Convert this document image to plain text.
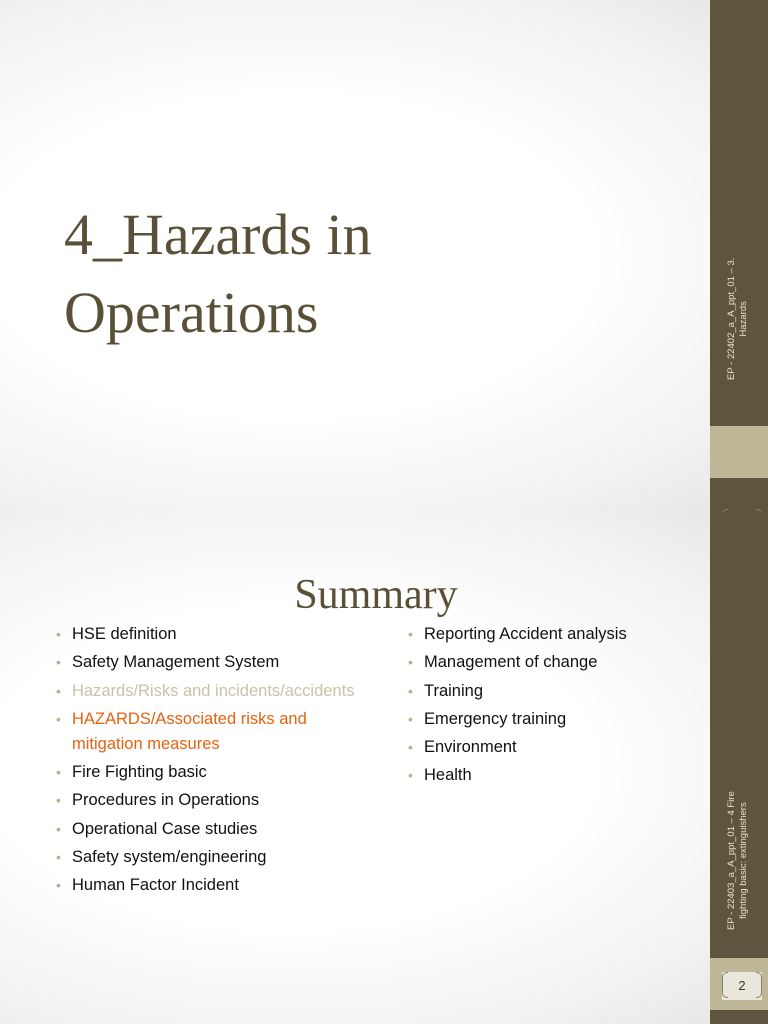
4_Hazards in
Operations	EP - 22402_a_A_ppt_01 – 3. Hazards
Summary
• HSE definition
• Safety Management System
• Hazards/Risks and incidents/accidents
• HAZARDS/Associated risks and mitigation measures
• Fire Fighting basic
• Procedures in Operations
• Operational Case studies
• Safety system/engineering
• Human Factor Incident
• Reporting Accident analysis
• Management of change
• Training
• Emergency training
• Environment
• Health
EP - 22403_a_A_ppt_01 – 4 Fire fighting basic: extinguishers
2
